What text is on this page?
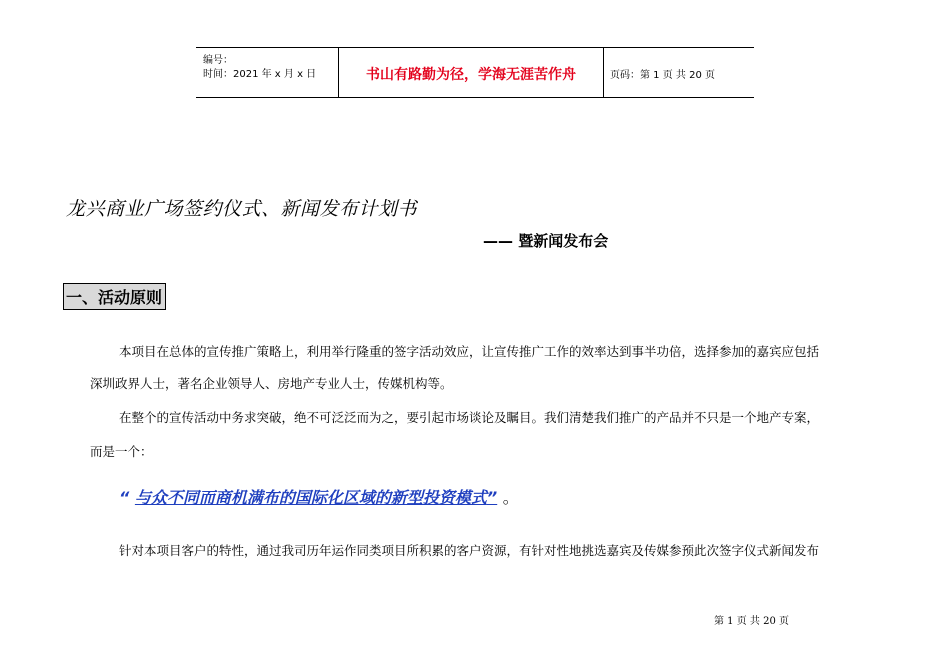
编号：
时间：2021 年 x 月 x 日	书山有路勤为径，学海无涯苦作舟	页码：第 1 页 共 20 页
龙兴商业广场签约仪式、新闻发布计划书
—— 暨新闻发布会
一、活动原则
本项目在总体的宣传推广策略上，利用举行隆重的签字活动效应，让宣传推广工作的效率达到事半功倍，选择参加的嘉宾应包括
深圳政界人士，著名企业领导人、房地产专业人士，传媒机构等。
在整个的宣传活动中务求突破，绝不可泛泛而为之，要引起市场谈论及瞩目。我们清楚我们推广的产品并不只是一个地产专案，
而是一个：
“ 与众不同而商机满布的国际化区域的新型投资模式” 。
针对本项目客户的特性，通过我司历年运作同类项目所积累的客户资源，有针对性地挑选嘉宾及传媒参预此次签字仪式新闻发布
第 1 页 共 20 页
